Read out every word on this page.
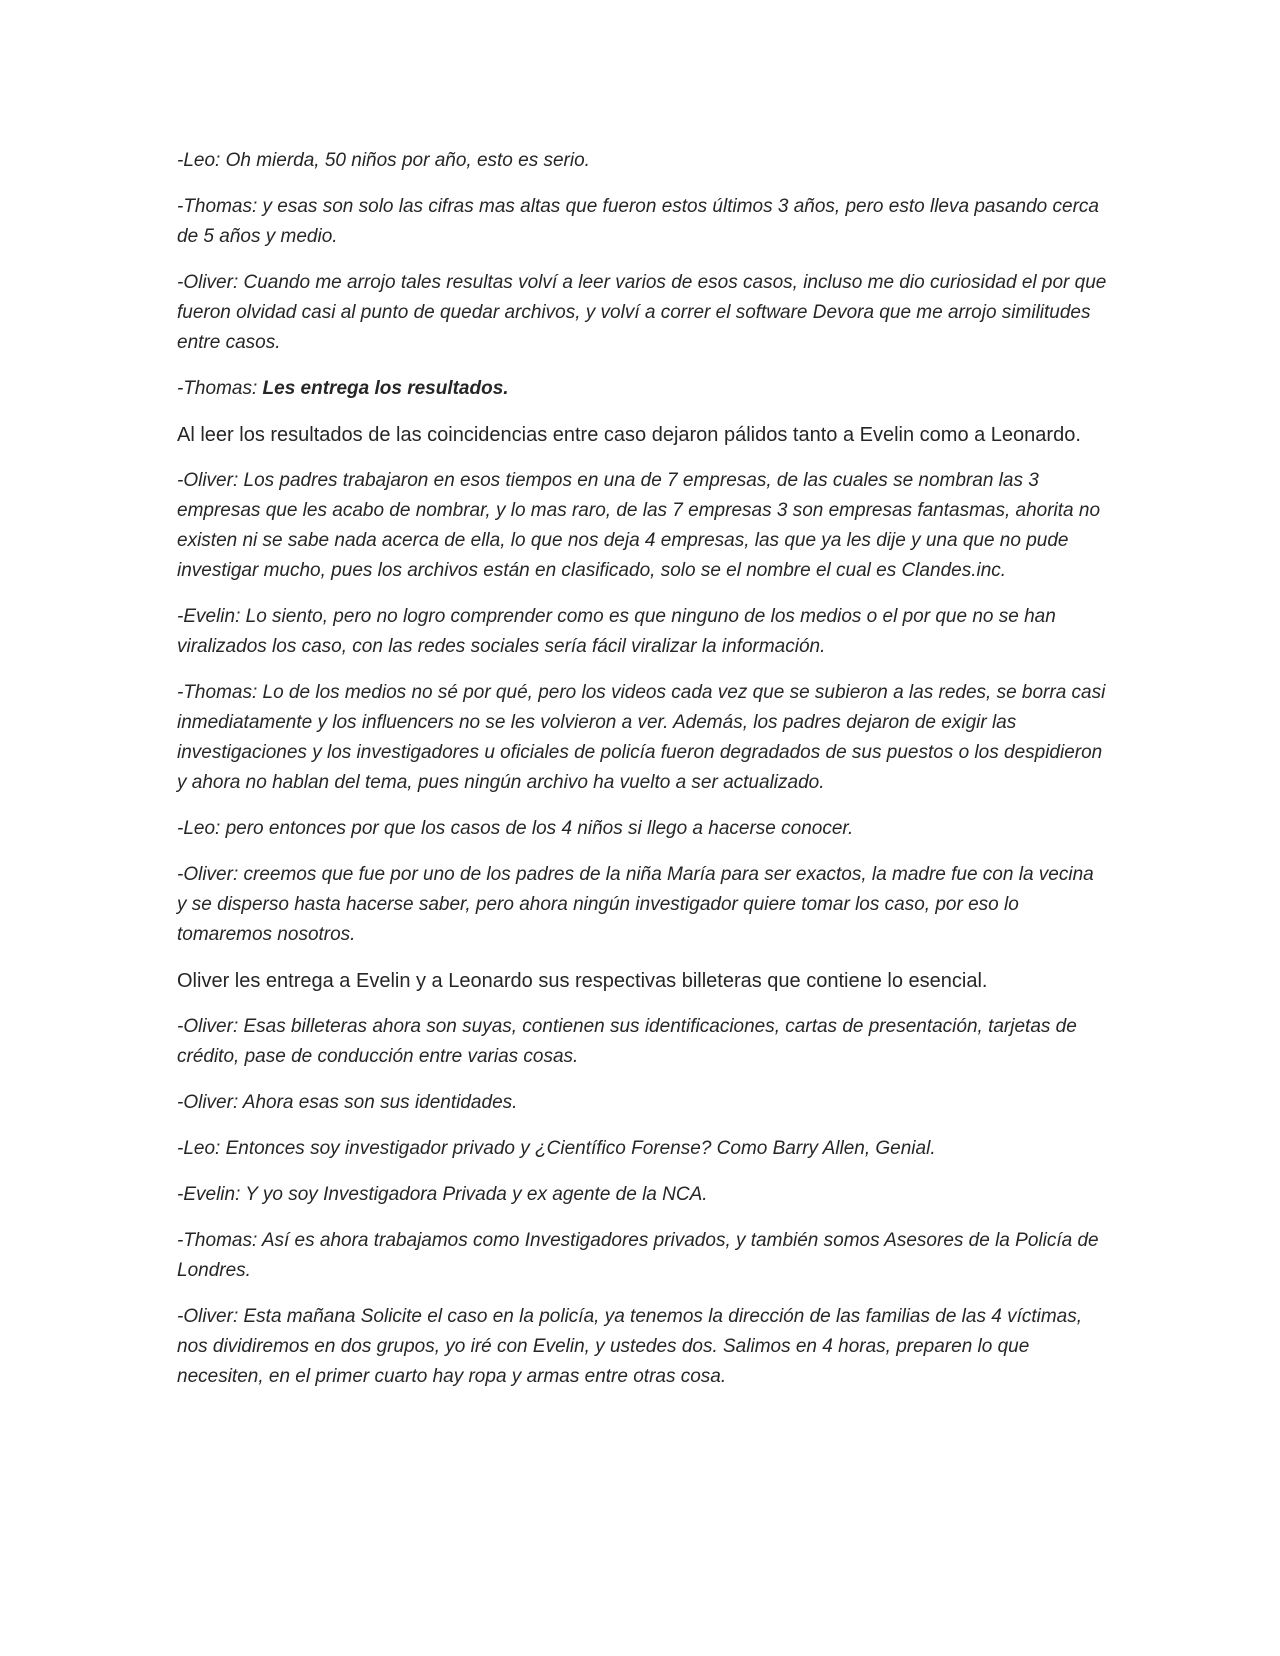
-Leo: Oh mierda, 50 niños por año, esto es serio.

-Thomas: y esas son solo las cifras mas altas que fueron estos últimos 3 años, pero esto lleva pasando cerca de 5 años y medio.

-Oliver: Cuando me arrojo tales resultas volví a leer varios de esos casos, incluso me dio curiosidad el por que fueron olvidad casi al punto de quedar archivos, y volví a correr el software Devora que me arrojo similitudes entre casos.

-Thomas: Les entrega los resultados.

Al leer los resultados de las coincidencias entre caso dejaron pálidos tanto a Evelin como a Leonardo.

-Oliver: Los padres trabajaron en esos tiempos en una de 7 empresas, de las cuales se nombran las 3 empresas que les acabo de nombrar, y lo mas raro, de las 7 empresas 3 son empresas fantasmas, ahorita no existen ni se sabe nada acerca de ella, lo que nos deja 4 empresas, las que ya les dije y una que no pude investigar mucho, pues los archivos están en clasificado, solo se el nombre el cual es Clandes.inc.

-Evelin: Lo siento, pero no logro comprender como es que ninguno de los medios o el por que no se han viralizados los caso, con las redes sociales sería fácil viralizar la información.

-Thomas: Lo de los medios no sé por qué, pero los videos cada vez que se subieron a las redes, se borra casi inmediatamente y los influencers no se les volvieron a ver. Además, los padres dejaron de exigir las investigaciones y los investigadores u oficiales de policía fueron degradados de sus puestos o los despidieron y ahora no hablan del tema, pues ningún archivo ha vuelto a ser actualizado.

-Leo: pero entonces por que los casos de los 4 niños si llego a hacerse conocer.

-Oliver: creemos que fue por uno de los padres de la niña María para ser exactos, la madre fue con la vecina y se disperso hasta hacerse saber, pero ahora ningún investigador quiere tomar los caso, por eso lo tomaremos nosotros.

Oliver les entrega a Evelin y a Leonardo sus respectivas billeteras que contiene lo esencial.

-Oliver: Esas billeteras ahora son suyas, contienen sus identificaciones, cartas de presentación, tarjetas de crédito, pase de conducción entre varias cosas.

-Oliver: Ahora esas son sus identidades.

-Leo: Entonces soy investigador privado y ¿Científico Forense? Como Barry Allen, Genial.

-Evelin: Y yo soy Investigadora Privada y ex agente de la NCA.

-Thomas: Así es ahora trabajamos como Investigadores privados, y también somos Asesores de la Policía de Londres.

-Oliver: Esta mañana Solicite el caso en la policía, ya tenemos la dirección de las familias de las 4 víctimas, nos dividiremos en dos grupos, yo iré con Evelin, y ustedes dos. Salimos en 4 horas, preparen lo que necesiten, en el primer cuarto hay ropa y armas entre otras cosa.
